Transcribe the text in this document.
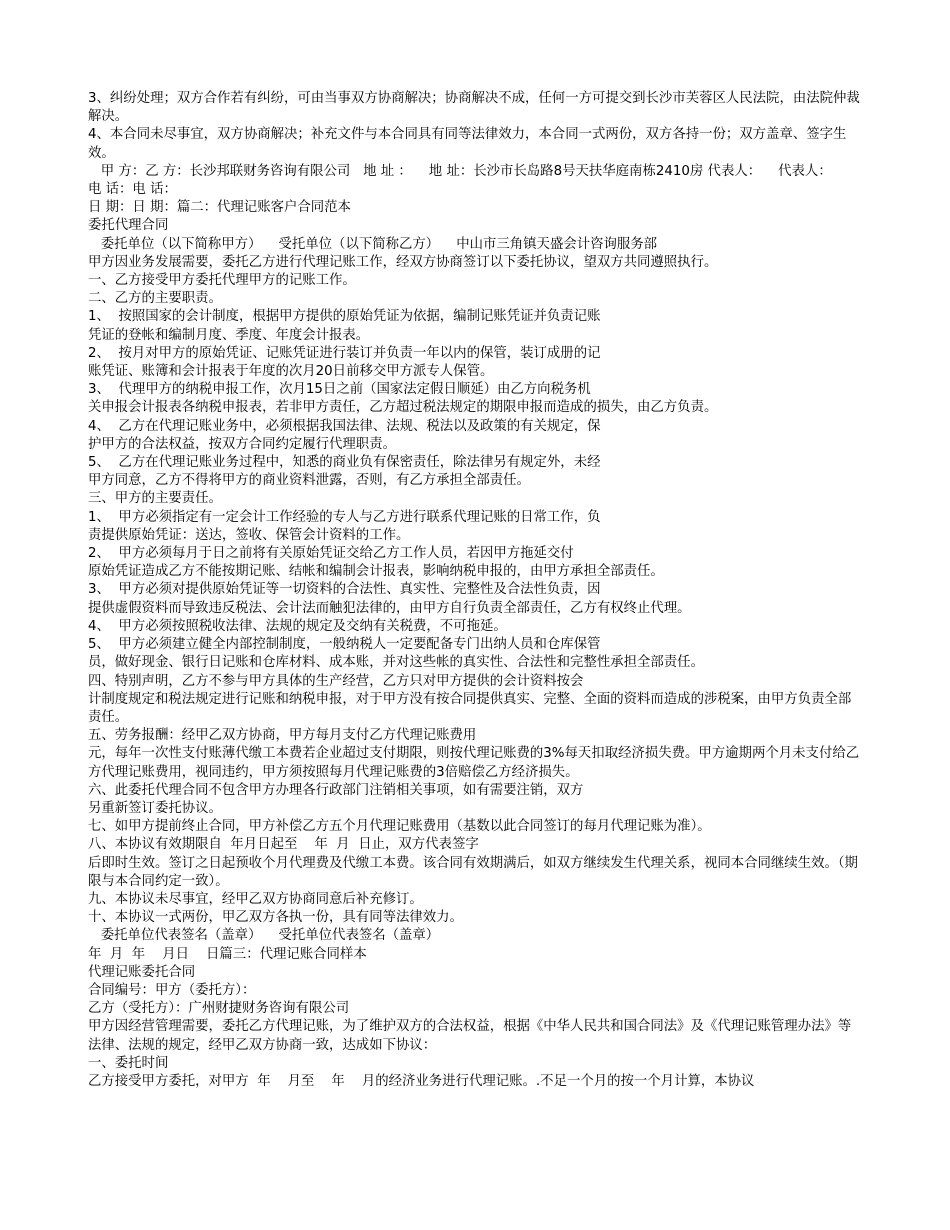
3、纠纷处理；双方合作若有纠纷，可由当事双方协商解决；协商解决不成，任何一方可提交到长沙市芙蓉区人民法院，由法院仲裁解决。
4、本合同未尽事宜，双方协商解决；补充文件与本合同具有同等法律效力，本合同一式两份，双方各持一份；双方盖章、签字生效。
甲 方：乙 方：长沙邦联财务咨询有限公司   地 址 ：    地 址：长沙市长岛路8号天扶华庭南栋2410房 代表人：    代表人：
电 话：电 话：
日 期：日 期：篇二：代理记账客户合同范本
委托代理合同
委托单位（以下简称甲方）    受托单位（以下简称乙方）    中山市三角镇天盛会计咨询服务部
甲方因业务发展需要，委托乙方进行代理记账工作，经双方协商签订以下委托协议，望双方共同遵照执行。
一、乙方接受甲方委托代理甲方的记账工作。
二、乙方的主要职责。
1、  按照国家的会计制度，根据甲方提供的原始凭证为依据，编制记账凭证并负责记账
凭证的登帐和编制月度、季度、年度会计报表。
2、  按月对甲方的原始凭证、记账凭证进行装订并负责一年以内的保管，装订成册的记
账凭证、账簿和会计报表于年度的次月20日前移交甲方派专人保管。
3、  代理甲方的纳税申报工作，次月15日之前（国家法定假日顺延）由乙方向税务机
关申报会计报表各纳税申报表，若非甲方责任，乙方超过税法规定的期限申报而造成的损失，由乙方负责。
4、  乙方在代理记账业务中，必须根据我国法律、法规、税法以及政策的有关规定，保
护甲方的合法权益，按双方合同约定履行代理职责。
5、  乙方在代理记账业务过程中，知悉的商业负有保密责任，除法律另有规定外，未经
甲方同意，乙方不得将甲方的商业资料泄露，否则，有乙方承担全部责任。
三、甲方的主要责任。
1、  甲方必须指定有一定会计工作经验的专人与乙方进行联系代理记账的日常工作，负
责提供原始凭证：送达，签收、保管会计资料的工作。
2、  甲方必须每月于日之前将有关原始凭证交给乙方工作人员，若因甲方拖延交付
原始凭证造成乙方不能按期记账、结帐和编制会计报表，影响纳税申报的，由甲方承担全部责任。
3、  甲方必须对提供原始凭证等一切资料的合法性、真实性、完整性及合法性负责，因
提供虚假资料而导致违反税法、会计法而触犯法律的，由甲方自行负责全部责任，乙方有权终止代理。
4、  甲方必须按照税收法律、法规的规定及交纳有关税费，不可拖延。
5、  甲方必须建立健全内部控制制度，一般纳税人一定要配备专门出纳人员和仓库保管
员，做好现金、银行日记账和仓库材料、成本账，并对这些帐的真实性、合法性和完整性承担全部责任。
四、特别声明，乙方不参与甲方具体的生产经营，乙方只对甲方提供的会计资料按会
计制度规定和税法规定进行记账和纳税申报，对于甲方没有按合同提供真实、完整、全面的资料而造成的涉税案，由甲方负责全部责任。
五、劳务报酬：经甲乙双方协商，甲方每月支付乙方代理记账费用
元，每年一次性支付账薄代缴工本费若企业超过支付期限，则按代理记账费的3%每天扣取经济损失费。甲方逾期两个月未支付给乙方代理记账费用，视同违约，甲方须按照每月代理记账费的3倍赔偿乙方经济损失。
六、此委托代理合同不包含甲方办理各行政部门注销相关事项，如有需要注销，双方
另重新签订委托协议。
七、如甲方提前终止合同，甲方补偿乙方五个月代理记账费用（基数以此合同签订的每月代理记账为准）。
八、本协议有效期限自  年月日起至    年  月  日止，双方代表签字
后即时生效。签订之日起预收个月代理费及代缴工本费。该合同有效期满后，如双方继续发生代理关系，视同本合同继续生效。（期限与本合同约定一致）。
九、本协议未尽事宜，经甲乙双方协商同意后补充修订。
十、本协议一式两份，甲乙双方各执一份，具有同等法律效力。
委托单位代表签名（盖章）    受托单位代表签名（盖章）
年  月  年    月日    日篇三：代理记账合同样本
代理记账委托合同
合同编号：甲方（委托方）：
乙方（受托方）：广州财捷财务咨询有限公司
甲方因经营管理需要，委托乙方代理记账，为了维护双方的合法权益，根据《中华人民共和国合同法》及《代理记账管理办法》等法律、法规的规定，经甲乙双方协商一致，达成如下协议：
一、委托时间
乙方接受甲方委托，对甲方  年    月至    年    月的经济业务进行代理记账。.不足一个月的按一个月计算，本协议
